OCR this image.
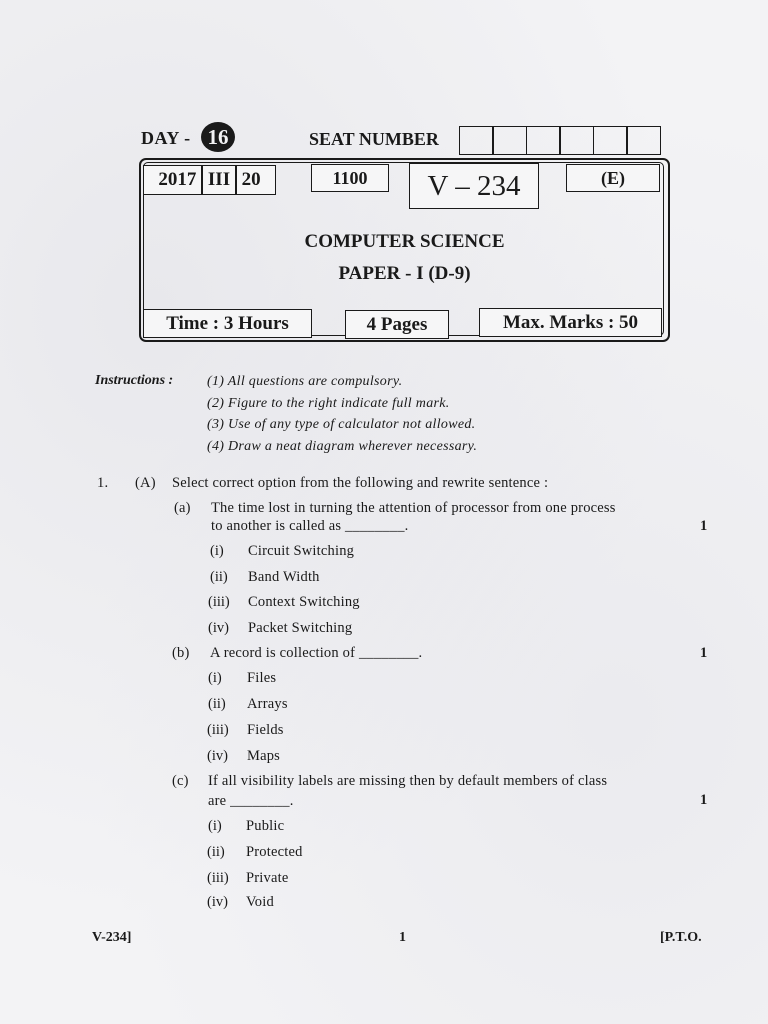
DAY - 16	SEAT NUMBER
2017 III 20	1100	V – 234	(E)
COMPUTER SCIENCE
PAPER - I (D-9)
Time : 3 Hours	4 Pages	Max. Marks : 50
Instructions : (1) All questions are compulsory.
(2) Figure to the right indicate full mark.
(3) Use of any type of calculator not allowed.
(4) Draw a neat diagram wherever necessary.
1. (A) Select correct option from the following and rewrite sentence :
(a) The time lost in turning the attention of processor from one process
to another is called as ________.	1
(i) Circuit Switching
(ii) Band Width
(iii) Context Switching
(iv) Packet Switching
(b) A record is collection of ________.	1
(i) Files
(ii) Arrays
(iii) Fields
(iv) Maps
(c) If all visibility labels are missing then by default members of class
are ________.	1
(i) Public
(ii) Protected
(iii) Private
(iv) Void
V-234]	1	[P.T.O.
